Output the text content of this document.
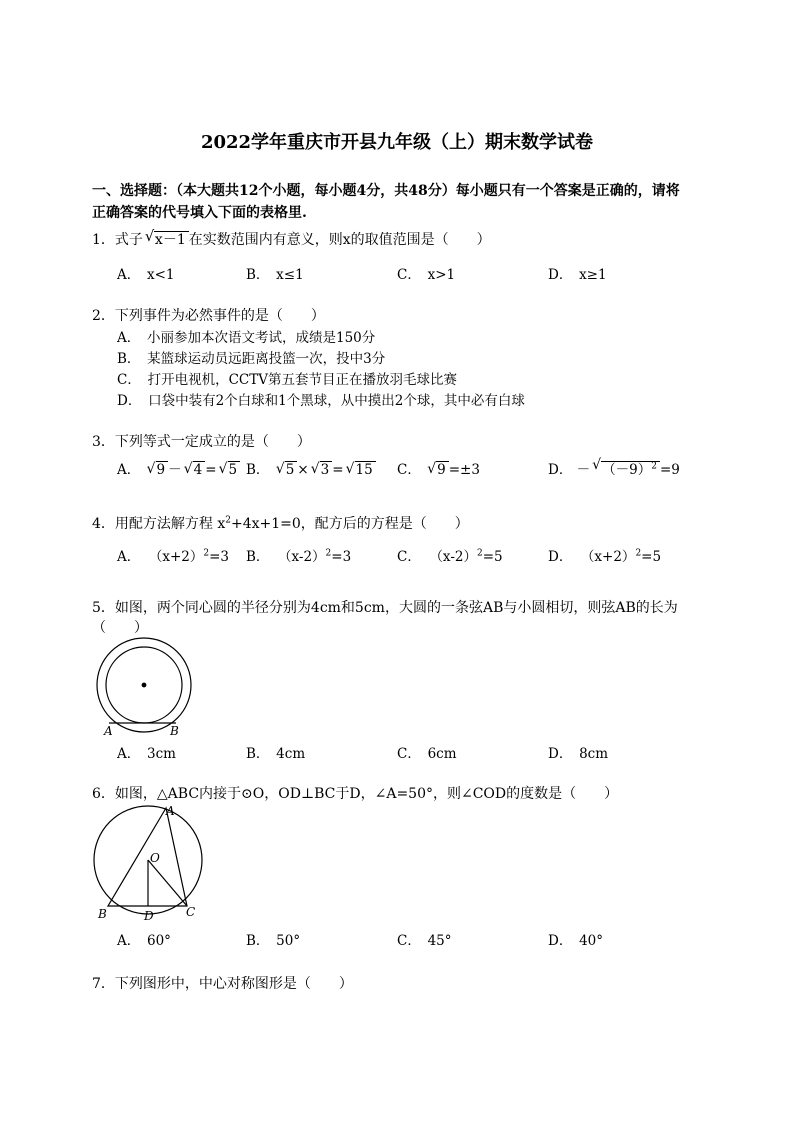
2022学年重庆市开县九年级（上）期末数学试卷
一、选择题：（本大题共12个小题，每小题4分，共48分）每小题只有一个答案是正确的，请将
正确答案的代号填入下面的表格里.
1．式子 √ x－1 在实数范围内有意义，则x的取值范围是（　　）
A．　x<1	B．　x≤1	C．　x>1	D．　x≥1
2．下列事件为必然事件的是（　　）
A．　小丽参加本次语文考试，成绩是150分
B．　某篮球运动员远距离投篮一次，投中3分
C．　打开电视机，CCTV第五套节目正在播放羽毛球比赛
D．　口袋中装有2个白球和1个黑球，从中摸出2个球，其中必有白球
3．下列等式一定成立的是（　　）
A． √ 9 － √ 4 = √ 5 B． √ 5 × √ 3 = √ 15 C． √ 9 =±3	D． － √ $(-9)^2 =9$
4．用配方法解方程 $x^2+4x+1=0$，配方后的方程是（　　）
A． $(x+2)^2=3$ B． $(x-2)^2=3$	C． $(x-2)^2=5$	D． $(x+2)^2=5$
5．如图，两个同心圆的半径分别为4cm和5cm，大圆的一条弦AB与小圆相切，则弦AB的长为
（　　）
A	B
A．　3cm	B．　4cm	C．　6cm	D．　8cm
6．如图，△ABC内接于⊙O，OD⊥BC于D，∠A=50°，则∠COD的度数是（　　）
A
O
B	D	C
A．　60°	B．　50°	C．　45°	D．　40°
7．下列图形中，中心对称图形是（　　）
